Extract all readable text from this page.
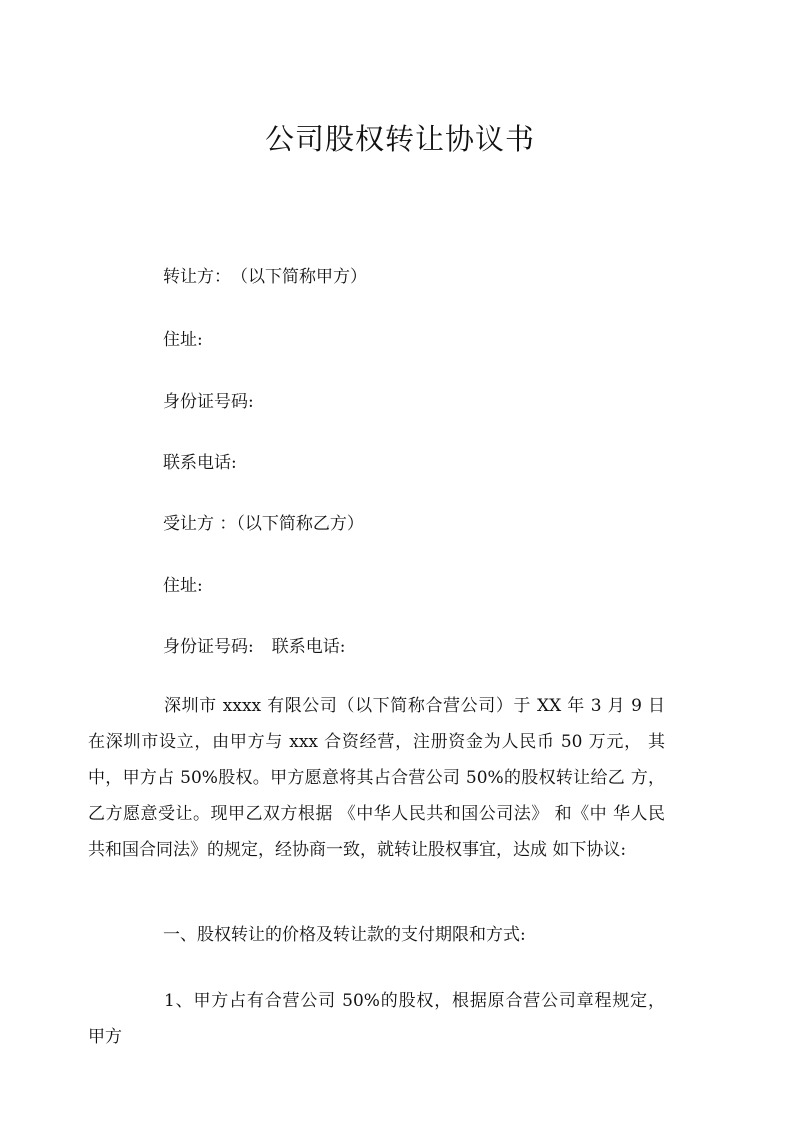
公司股权转让协议书
转让方：　（以下简称甲方）
住址:
身份证号码:
联系电话:
受让方 ：（以下简称乙方）
住址:
身份证号码: 联系电话:
深圳市 xxxx 有限公司（以下简称合营公司）于 XX 年 3 月 9 日在深圳市设立，由甲方与 xxx 合资经营，注册资金为人民币 50 万元， 其中，甲方占 50%股权。甲方愿意将其占合营公司 50%的股权转让给乙 方，乙方愿意受让。现甲乙双方根据 《中华人民共和国公司法》 和《中 华人民共和国合同法》的规定，经协商一致，就转让股权事宜，达成 如下协议:
一、股权转让的价格及转让款的支付期限和方式:
1、甲方占有合营公司 50%的股权，根据原合营公司章程规定， 甲方
